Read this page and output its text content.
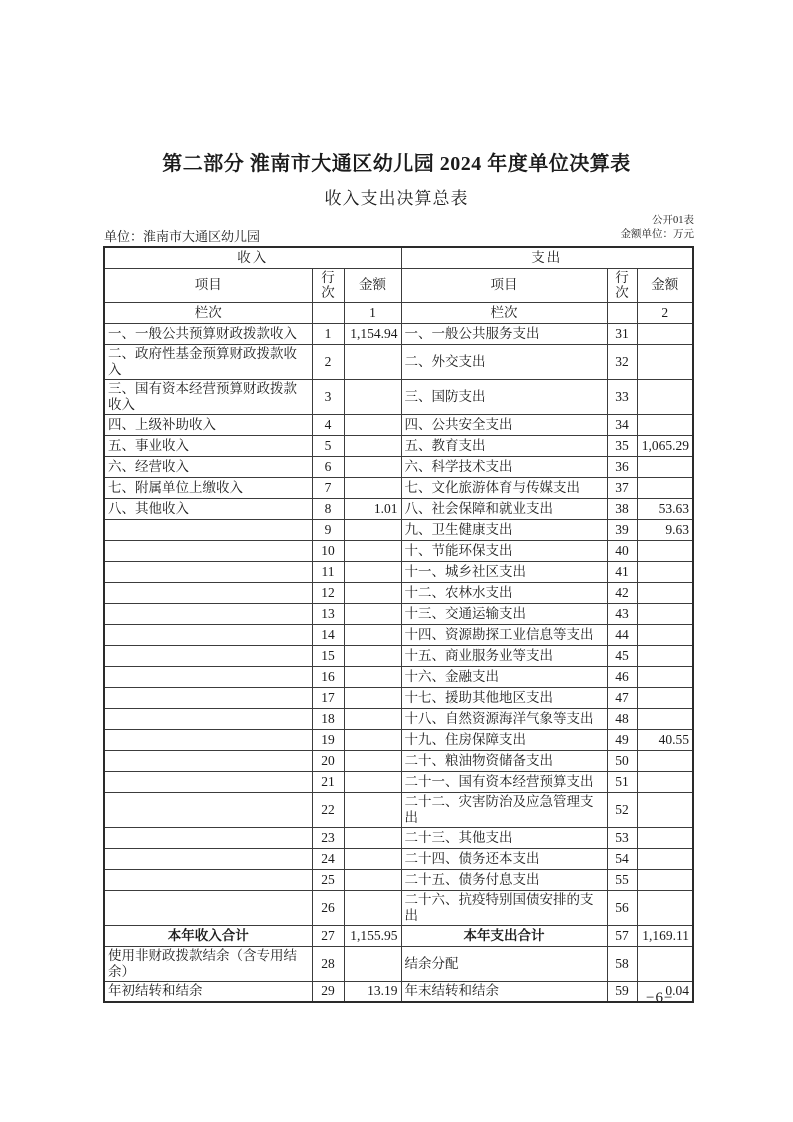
第二部分 淮南市大通区幼儿园 2024 年度单位决算表
收入支出决算总表
公开01表
单位：淮南市大通区幼儿园	金额单位：万元
收入			支出		
项目	行次	金额	项目	行次	金额
栏次		1	栏次		2
一、一般公共预算财政拨款收入	1	1,154.94	一、一般公共服务支出	31	
二、政府性基金预算财政拨款收入	2		二、外交支出	32	
三、国有资本经营预算财政拨款收入	3		三、国防支出	33	
四、上级补助收入	4		四、公共安全支出	34	
五、事业收入	5		五、教育支出	35	1,065.29
六、经营收入	6		六、科学技术支出	36	
七、附属单位上缴收入	7		七、文化旅游体育与传媒支出	37	
八、其他收入	8	1.01	八、社会保障和就业支出	38	53.63
	9		九、卫生健康支出	39	9.63
	10		十、节能环保支出	40	
	11		十一、城乡社区支出	41	
	12		十二、农林水支出	42	
	13		十三、交通运输支出	43	
	14		十四、资源勘探工业信息等支出	44	
	15		十五、商业服务业等支出	45	
	16		十六、金融支出	46	
	17		十七、援助其他地区支出	47	
	18		十八、自然资源海洋气象等支出	48	
	19		十九、住房保障支出	49	40.55
	20		二十、粮油物资储备支出	50	
	21		二十一、国有资本经营预算支出	51	
	22		二十二、灾害防治及应急管理支出	52	
	23		二十三、其他支出	53	
	24		二十四、债务还本支出	54	
	25		二十五、债务付息支出	55	
	26		二十六、抗疫特别国债安排的支出	56	
本年收入合计	27	1,155.95	本年支出合计	57	1,169.11
使用非财政拨款结余（含专用结余）	28		结余分配	58	
年初结转和结余	29	13.19	年末结转和结余	59	0.04
−6−
